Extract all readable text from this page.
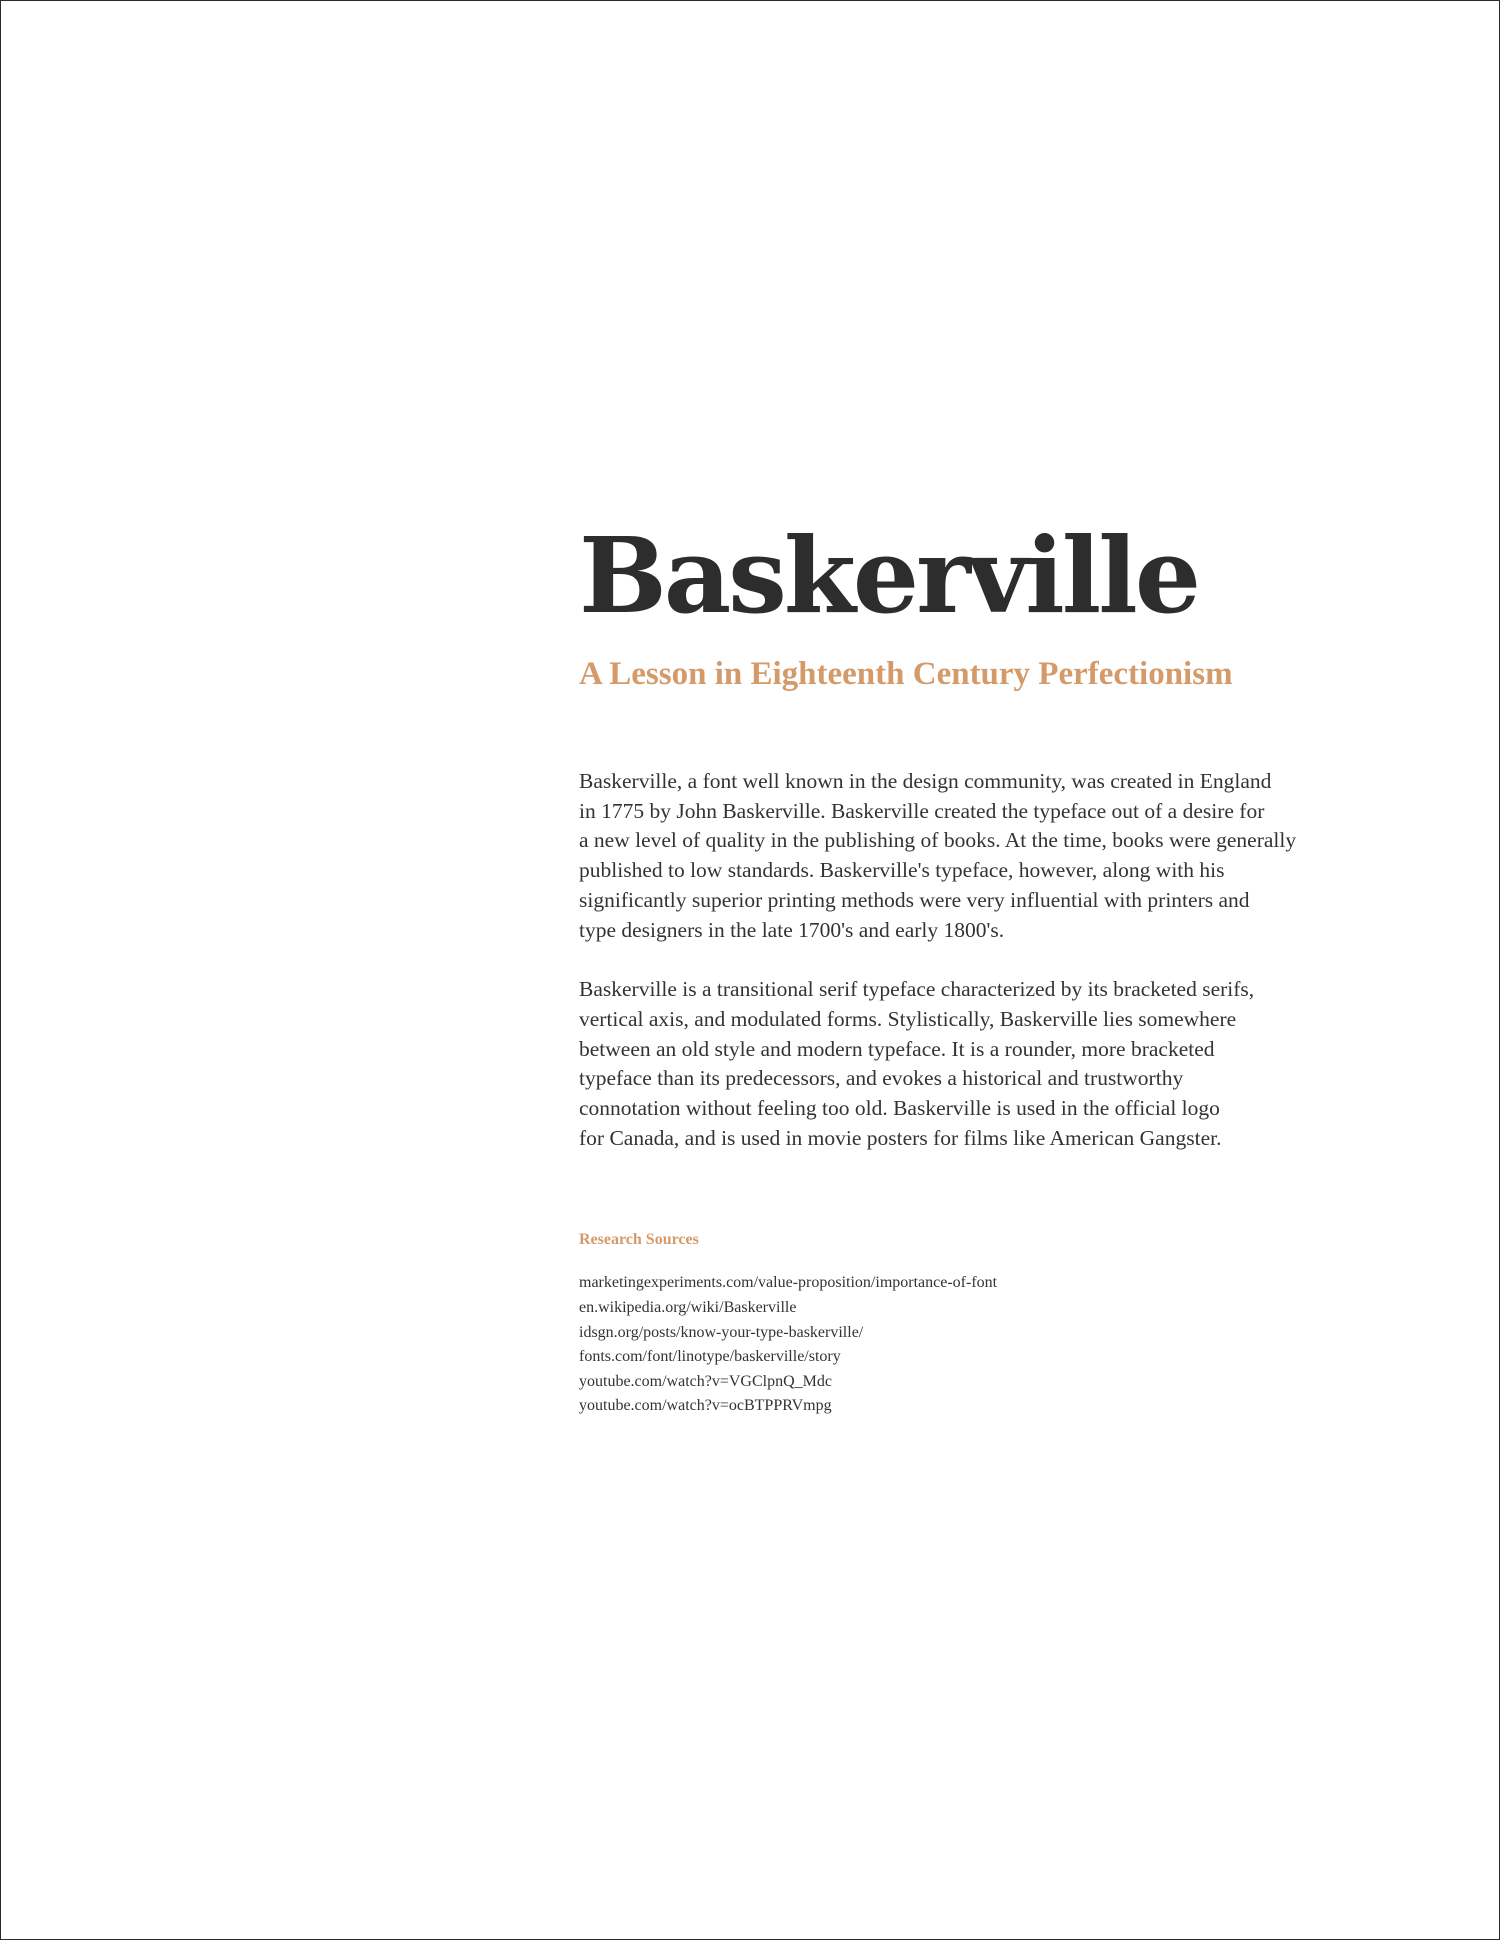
Baskerville
A Lesson in Eighteenth Century Perfectionism

Baskerville, a font well known in the design community, was created in England
in 1775 by John Baskerville. Baskerville created the typeface out of a desire for
a new level of quality in the publishing of books. At the time, books were generally
published to low standards. Baskerville's typeface, however, along with his
significantly superior printing methods were very influential with printers and
type designers in the late 1700's and early 1800's.

Baskerville is a transitional serif typeface characterized by its bracketed serifs,
vertical axis, and modulated forms. Stylistically, Baskerville lies somewhere
between an old style and modern typeface. It is a rounder, more bracketed
typeface than its predecessors, and evokes a historical and trustworthy
connotation without feeling too old. Baskerville is used in the official logo
for Canada, and is used in movie posters for films like American Gangster.

Research Sources
marketingexperiments.com/value-proposition/importance-of-font
en.wikipedia.org/wiki/Baskerville
idsgn.org/posts/know-your-type-baskerville/
fonts.com/font/linotype/baskerville/story
youtube.com/watch?v=VGClpnQ_Mdc
youtube.com/watch?v=ocBTPPRVmpg
